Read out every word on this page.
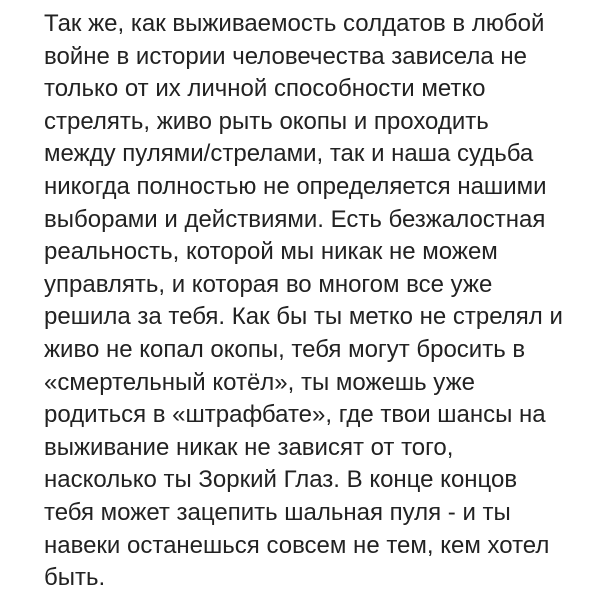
Так же, как выживаемость солдатов в любой
войне в истории человечества зависела не
только от их личной способности метко
стрелять, живо рыть окопы и проходить
между пулями/стрелами, так и наша судьба
никогда полностью не определяется нашими
выборами и действиями. Есть безжалостная
реальность, которой мы никак не можем
управлять, и которая во многом все уже
решила за тебя. Как бы ты метко не стрелял и
живо не копал окопы, тебя могут бросить в
«смертельный котёл», ты можешь уже
родиться в «штрафбате», где твои шансы на
выживание никак не зависят от того,
насколько ты Зоркий Глаз. В конце концов
тебя может зацепить шальная пуля - и ты
навеки останешься совсем не тем, кем хотел
быть.
